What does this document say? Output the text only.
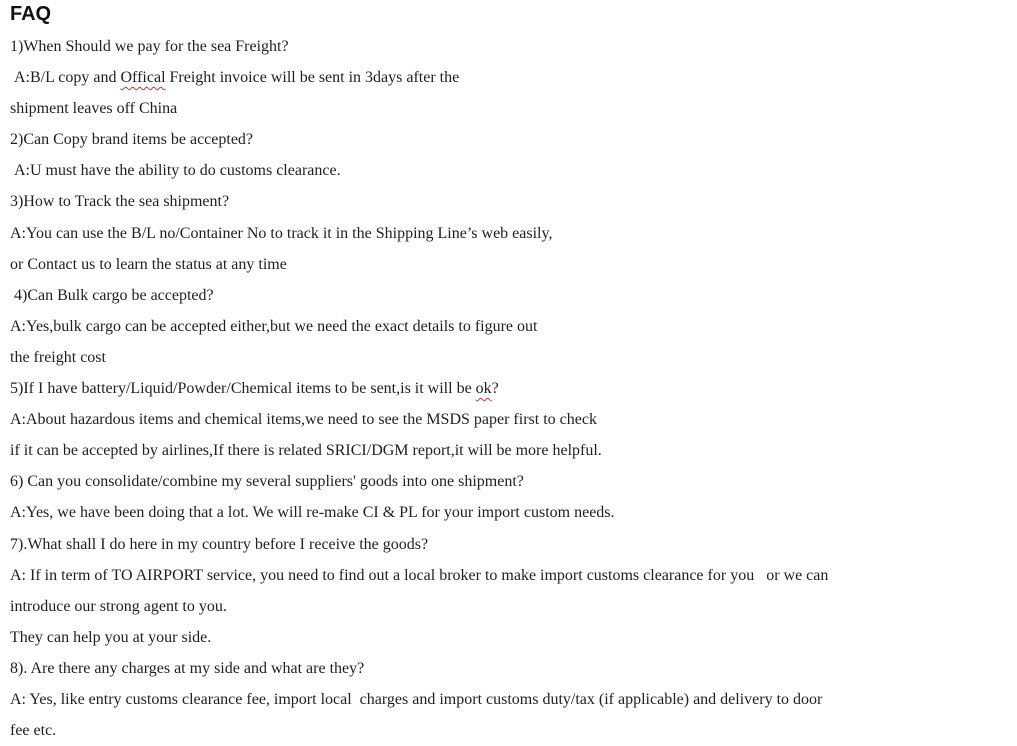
FAQ

1)When Should we pay for the sea Freight?

A:B/L copy and Offical Freight invoice will be sent in 3days after the

shipment leaves off China

2)Can Copy brand items be accepted?

A:U must have the ability to do customs clearance.

3)How to Track the sea shipment?

A:You can use the B/L no/Container No to track it in the Shipping Line’s web easily,

or Contact us to learn the status at any time

4)Can Bulk cargo be accepted?

A:Yes,bulk cargo can be accepted either,but we need the exact details to figure out

the freight cost

5)If I have battery/Liquid/Powder/Chemical items to be sent,is it will be ok?

A:About hazardous items and chemical items,we need to see the MSDS paper first to check

if it can be accepted by airlines,If there is related SRICI/DGM report,it will be more helpful.

6) Can you consolidate/combine my several suppliers' goods into one shipment?

A:Yes, we have been doing that a lot. We will re-make CI & PL for your import custom needs.

7).What shall I do here in my country before I receive the goods?

A: If in term of TO AIRPORT service, you need to find out a local broker to make import customs clearance for you   or we can

introduce our strong agent to you.

They can help you at your side.

8). Are there any charges at my side and what are they?

A: Yes, like entry customs clearance fee, import local  charges and import customs duty/tax (if applicable) and delivery to door

fee etc.
